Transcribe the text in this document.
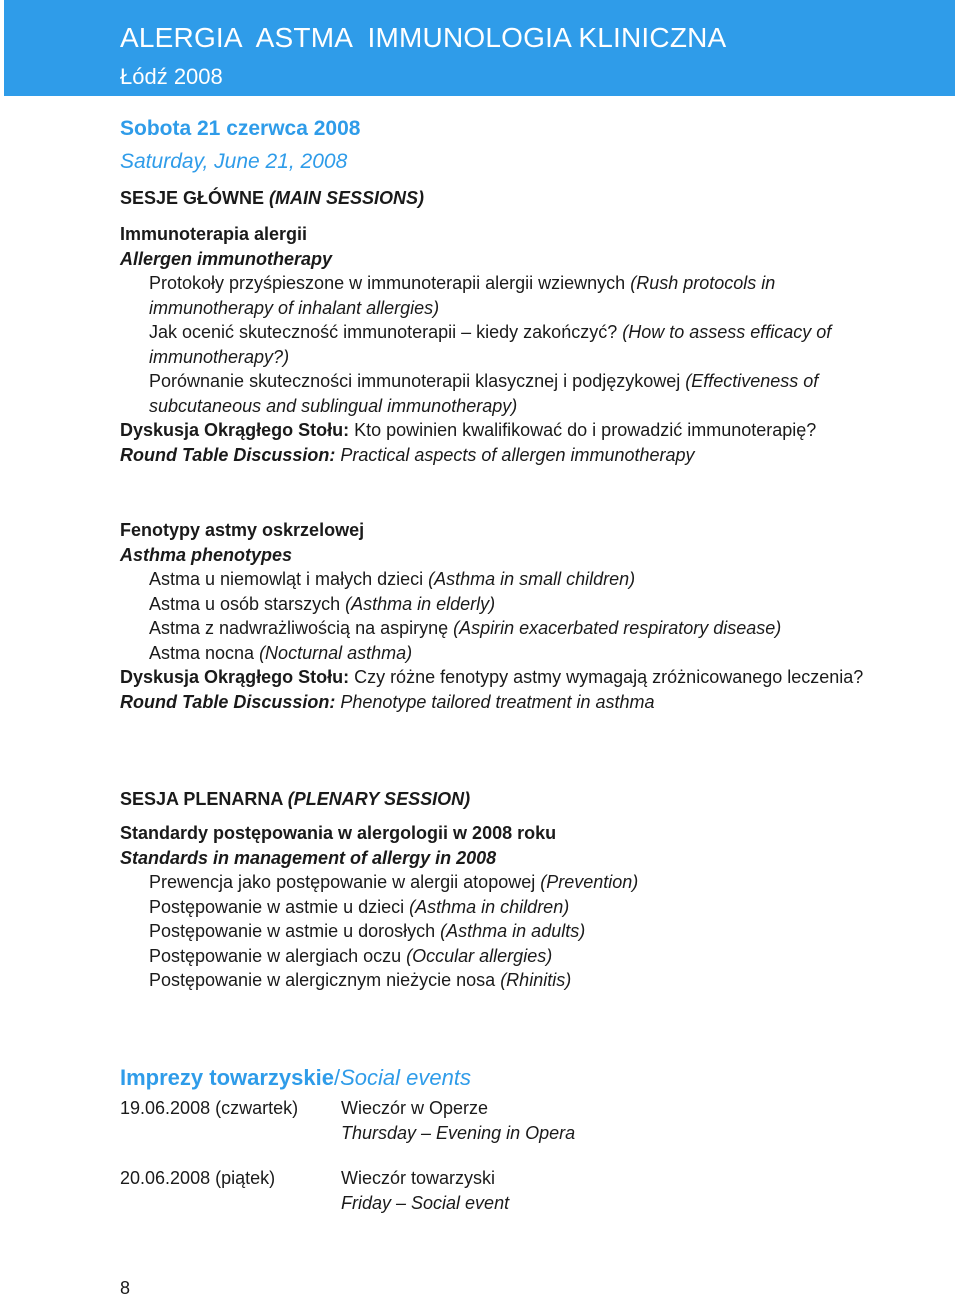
ALERGIA  ASTMA  IMMUNOLOGIA KLINICZNA
Łódź 2008
Sobota 21 czerwca 2008
Saturday, June 21, 2008
SESJE GŁÓWNE (MAIN SESSIONS)
Immunoterapia alergii
Allergen immunotherapy
Protokoły przyśpieszone w immunoterapii alergii wziewnych (Rush protocols in immunotherapy of inhalant allergies)
Jak ocenić skuteczność immunoterapii – kiedy zakończyć? (How to assess efficacy of immunotherapy?)
Porównanie skuteczności immunoterapii klasycznej i podjęzykowej (Effectiveness of subcutaneous and sublingual immunotherapy)
Dyskusja Okrągłego Stołu: Kto powinien kwalifikować do i prowadzić immunoterapię?
Round Table Discussion: Practical aspects of allergen immunotherapy
Fenotypy astmy oskrzelowej
Asthma phenotypes
Astma u niemowląt i małych dzieci (Asthma in small children)
Astma u osób starszych (Asthma in elderly)
Astma z nadwrażliwością na aspirynę (Aspirin exacerbated respiratory disease)
Astma nocna (Nocturnal asthma)
Dyskusja Okrągłego Stołu: Czy różne fenotypy astmy wymagają zróżnicowanego leczenia?
Round Table Discussion: Phenotype tailored treatment in asthma
SESJA PLENARNA (PLENARY SESSION)
Standardy postępowania w alergologii w 2008 roku
Standards in management of allergy in 2008
Prewencja jako postępowanie w alergii atopowej (Prevention)
Postępowanie w astmie u dzieci (Asthma in children)
Postępowanie w astmie u dorosłych (Asthma in adults)
Postępowanie w alergiach oczu (Occular allergies)
Postępowanie w alergicznym nieżycie nosa (Rhinitis)
Imprezy towarzyskie/Social events
19.06.2008 (czwartek) Wieczór w Operze
Thursday – Evening in Opera
20.06.2008 (piątek)	Wieczór towarzyski
Friday – Social event
8
